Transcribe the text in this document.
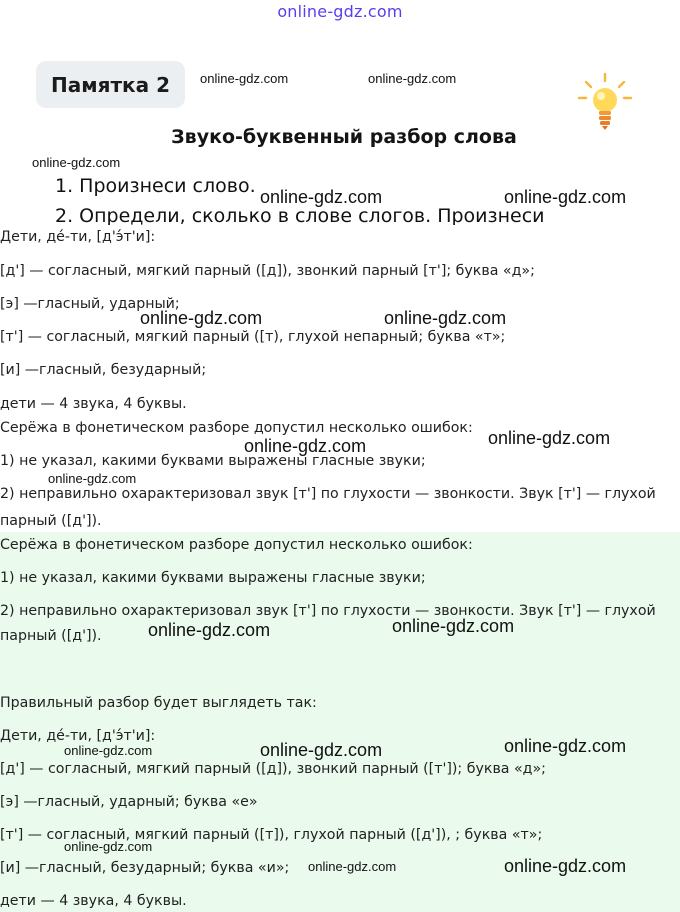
online-gdz.com
Памятка 2
Звуко-буквенный разбор слова
1. Произнеси слово.
2. Определи, сколько в слове слогов. Произнеси
Дети, де́-ти, [д'э́т'и]:
[д'] — согласный, мягкий парный ([д]), звонкий парный [т']; буква «д»;
[э] —гласный, ударный;
[т'] — согласный, мягкий парный ([т), глухой непарный; буква «т»;
[и] —гласный, безударный;
дети — 4 звука, 4 буквы.
Серёжа в фонетическом разборе допустил несколько ошибок:
1) не указал, какими буквами выражены гласные звуки;
2) неправильно охарактеризовал звук [т'] по глухости — звонкости. Звук [т'] — глухой
парный ([д']).
Серёжа в фонетическом разборе допустил несколько ошибок:
1) не указал, какими буквами выражены гласные звуки;
2) неправильно охарактеризовал звук [т'] по глухости — звонкости. Звук [т'] — глухой
парный ([д']).
Правильный разбор будет выглядеть так:
Дети, де́-ти, [д'э́т'и]:
[д'] — согласный, мягкий парный ([д]), звонкий парный ([т']); буква «д»;
[э] —гласный, ударный; буква «е»
[т'] — согласный, мягкий парный ([т]), глухой парный ([д']), ; буква «т»;
[и] —гласный, безударный; буква «и»;
дети — 4 звука, 4 буквы.
online-gdz.com	online-gdz.com
online-gdz.com
online-gdz.com	online-gdz.com
online-gdz.com	online-gdz.com
online-gdz.com	online-gdz.com
online-gdz.com
online-gdz.com	online-gdz.com
online-gdz.com	online-gdz.com	online-gdz.com
online-gdz.com
online-gdz.com	online-gdz.com
